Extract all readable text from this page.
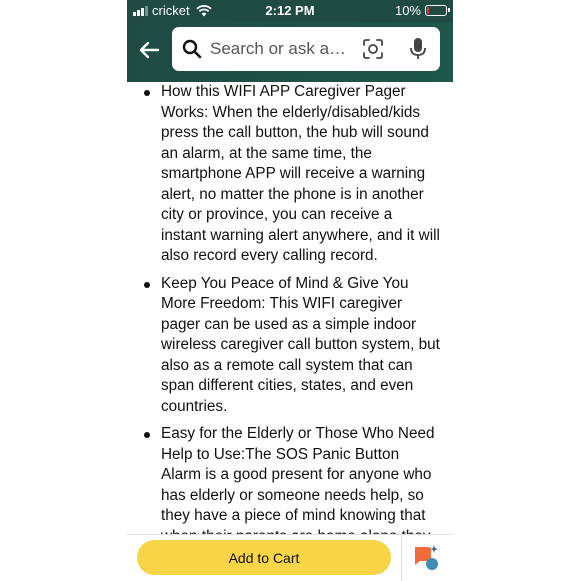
cricket	2:12 PM	10%
Search or ask a…
How this WIFI APP Caregiver Pager Works: When the elderly/disabled/kids press the call button, the hub will sound an alarm, at the same time, the smartphone APP will receive a warning alert, no matter the phone is in another city or province, you can receive a instant warning alert anywhere, and it will also record every calling record.
Keep You Peace of Mind & Give You More Freedom: This WIFI caregiver pager can be used as a simple indoor wireless caregiver call button system, but also as a remote call system that can span different cities, states, and even countries.
Easy for the Elderly or Those Who Need Help to Use:The SOS Panic Button Alarm is a good present for anyone who has elderly or someone needs help, so they have a piece of mind knowing that
Add to Cart
